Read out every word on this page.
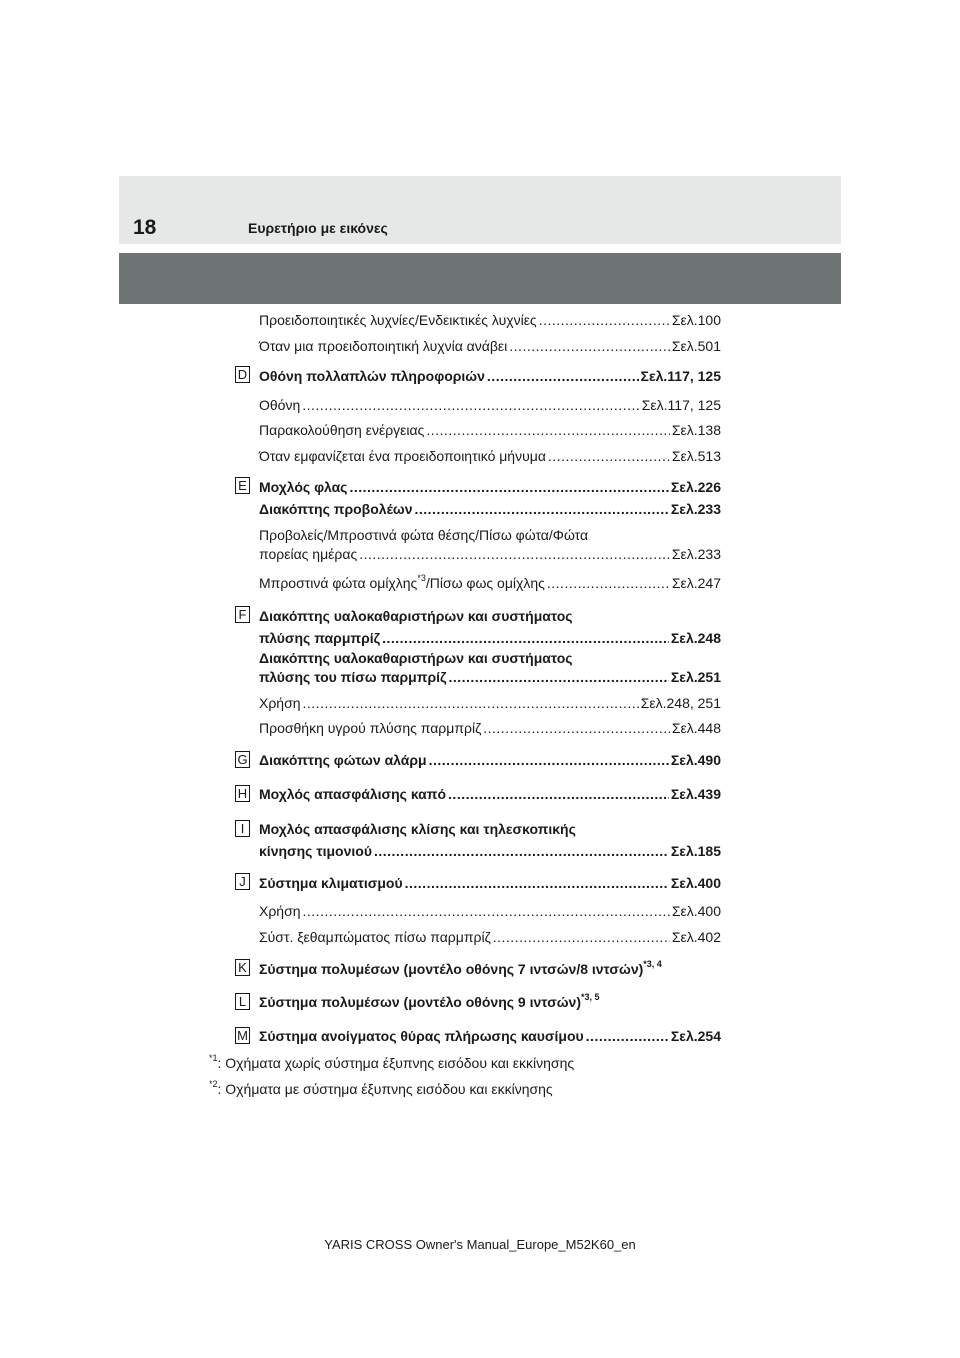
18	Ευρετήριο με εικόνες
Προειδοποιητικές λυχνίες/Ενδεικτικές λυχνίες .....	Σελ.100
Όταν μια προειδοποιητική λυχνία ανάβει .....	Σελ.501
D Οθόνη πολλαπλών πληροφοριών .....	Σελ.117, 125
Οθόνη .....	Σελ.117, 125
Παρακολούθηση ενέργειας .....	Σελ.138
Όταν εμφανίζεται ένα προειδοποιητικό μήνυμα .....	Σελ.513
E Μοχλός φλας .....	Σελ.226
Διακόπτης προβολέων .....	Σελ.233
Προβολείς/Μπροστινά φώτα θέσης/Πίσω φώτα/Φώτα
πορείας ημέρας .....	Σελ.233
Μπροστινά φώτα ομίχλης$^{*3}$/Πίσω φως ομίχλης .....	Σελ.247
F Διακόπτης υαλοκαθαριστήρων και συστήματος
πλύσης παρμπρίζ .....	Σελ.248
Διακόπτης υαλοκαθαριστήρων και συστήματος
πλύσης του πίσω παρμπρίζ .....	Σελ.251
Χρήση .....	Σελ.248, 251
Προσθήκη υγρού πλύσης παρμπρίζ .....	Σελ.448
G Διακόπτης φώτων αλάρμ .....	Σελ.490
H Μοχλός απασφάλισης καπό .....	Σελ.439
I	Μοχλός απασφάλισης κλίσης και τηλεσκοπικής
κίνησης τιμονιού .....	Σελ.185
J Σύστημα κλιματισμού .....	Σελ.400
Χρήση .....	Σελ.400
Σύστ. ξεθαμπώματος πίσω παρμπρίζ .....	Σελ.402
K Σύστημα πολυμέσων (μοντέλο οθόνης 7 ιντσών/8 ιντσών)$^{*3, 4}$
L Σύστημα πολυμέσων (μοντέλο οθόνης 9 ιντσών)$^{*3, 5}$
M Σύστημα ανοίγματος θύρας πλήρωσης καυσίμου .....	Σελ.254
$^{*1}$: Οχήματα χωρίς σύστημα έξυπνης εισόδου και εκκίνησης
$^{*2}$: Οχήματα με σύστημα έξυπνης εισόδου και εκκίνησης
YARIS CROSS Owner's Manual_Europe_M52K60_en
